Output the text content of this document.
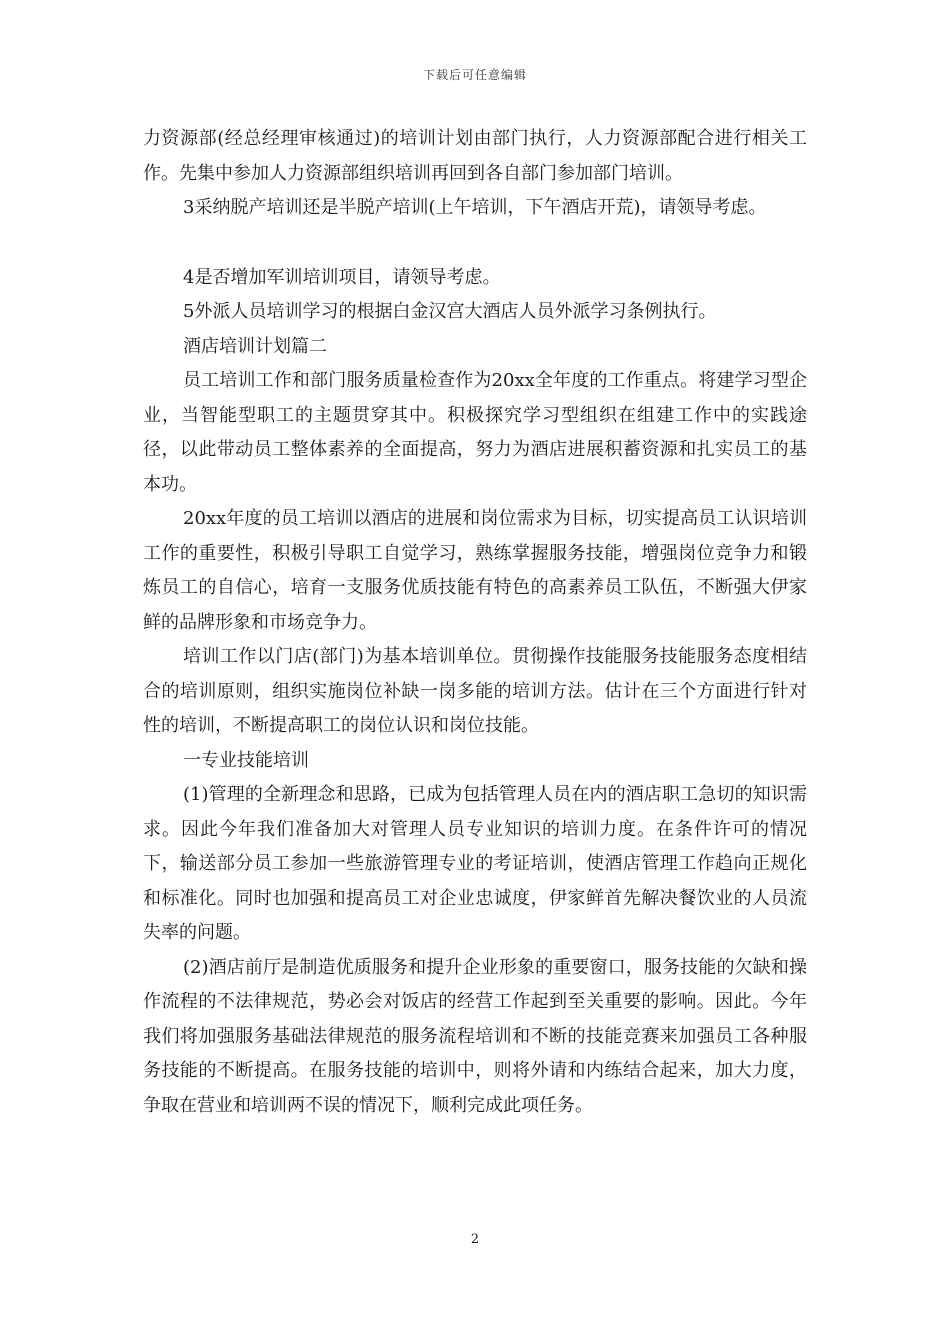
下载后可任意编辑

力资源部(经总经理审核通过)的培训计划由部门执行，人力资源部配合进行相关工作。先集中参加人力资源部组织培训再回到各自部门参加部门培训。

3采纳脱产培训还是半脱产培训(上午培训，下午酒店开荒)，请领导考虑。

4是否增加军训培训项目，请领导考虑。

5外派人员培训学习的根据白金汉宫大酒店人员外派学习条例执行。

酒店培训计划篇二

员工培训工作和部门服务质量检查作为20xx全年度的工作重点。将建学习型企业，当智能型职工的主题贯穿其中。积极探究学习型组织在组建工作中的实践途径，以此带动员工整体素养的全面提高，努力为酒店进展积蓄资源和扎实员工的基本功。

20xx年度的员工培训以酒店的进展和岗位需求为目标，切实提高员工认识培训工作的重要性，积极引导职工自觉学习，熟练掌握服务技能，增强岗位竞争力和锻炼员工的自信心，培育一支服务优质技能有特色的高素养员工队伍，不断强大伊家鲜的品牌形象和市场竞争力。

培训工作以门店(部门)为基本培训单位。贯彻操作技能服务技能服务态度相结合的培训原则，组织实施岗位补缺一岗多能的培训方法。估计在三个方面进行针对性的培训，不断提高职工的岗位认识和岗位技能。

一专业技能培训

(1)管理的全新理念和思路，已成为包括管理人员在内的酒店职工急切的知识需求。因此今年我们准备加大对管理人员专业知识的培训力度。在条件许可的情况下，输送部分员工参加一些旅游管理专业的考证培训，使酒店管理工作趋向正规化和标准化。同时也加强和提高员工对企业忠诚度，伊家鲜首先解决餐饮业的人员流失率的问题。

(2)酒店前厅是制造优质服务和提升企业形象的重要窗口，服务技能的欠缺和操作流程的不法律规范，势必会对饭店的经营工作起到至关重要的影响。因此。今年我们将加强服务基础法律规范的服务流程培训和不断的技能竞赛来加强员工各种服务技能的不断提高。在服务技能的培训中，则将外请和内练结合起来，加大力度，争取在营业和培训两不误的情况下，顺利完成此项任务。

2
